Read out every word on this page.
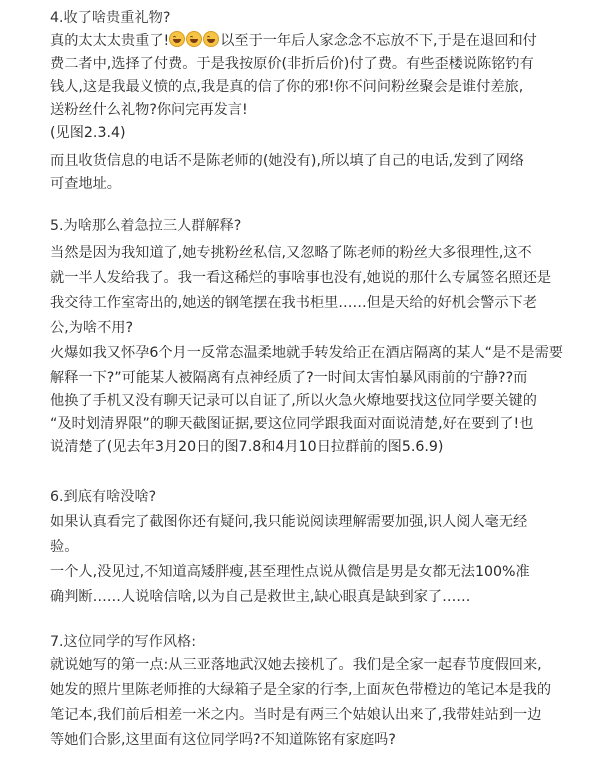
4.收了啥贵重礼物?
真的太太太贵重了!	以至于一年后人家念念不忘放不下,于是在退回和付
费二者中,选择了付费。于是我按原价(非折后价)付了费。有些歪楼说陈铭钓有
钱人,这是我最义愤的点,我是真的信了你的邪!你不问问粉丝聚会是谁付差旅,
送粉丝什么礼物?你问完再发言!
(见图2.3.4)
而且收货信息的电话不是陈老师的(她没有),所以填了自己的电话,发到了网络
可查地址。
5.为啥那么着急拉三人群解释?
当然是因为我知道了,她专挑粉丝私信,又忽略了陈老师的粉丝大多很理性,这不
就一半人发给我了。我一看这稀烂的事啥事也没有,她说的那什么专属签名照还是
我交待工作室寄出的,她送的钢笔摆在我书柜里……但是天给的好机会警示下老
公,为啥不用?
火爆如我又怀孕6个月一反常态温柔地就手转发给正在酒店隔离的某人“是不是需要
解释一下?”可能某人被隔离有点神经质了?一时间太害怕暴风雨前的宁静??而
他换了手机又没有聊天记录可以自证了,所以火急火燎地要找这位同学要关键的
“及时划清界限”的聊天截图证据,要这位同学跟我面对面说清楚,好在要到了!也
说清楚了(见去年3月20日的图7.8和4月10日拉群前的图5.6.9)
6.到底有啥没啥?
如果认真看完了截图你还有疑问,我只能说阅读理解需要加强,识人阅人毫无经
验。
一个人,没见过,不知道高矮胖瘦,甚至理性点说从微信是男是女都无法100%准
确判断……人说啥信啥,以为自己是救世主,缺心眼真是缺到家了……
7.这位同学的写作风格:
就说她写的第一点:从三亚落地武汉她去接机了。我们是全家一起春节度假回来,
她发的照片里陈老师推的大绿箱子是全家的行李,上面灰色带橙边的笔记本是我的
笔记本,我们前后相差一米之内。当时是有两三个姑娘认出来了,我带娃站到一边
等她们合影,这里面有这位同学吗?不知道陈铭有家庭吗?
